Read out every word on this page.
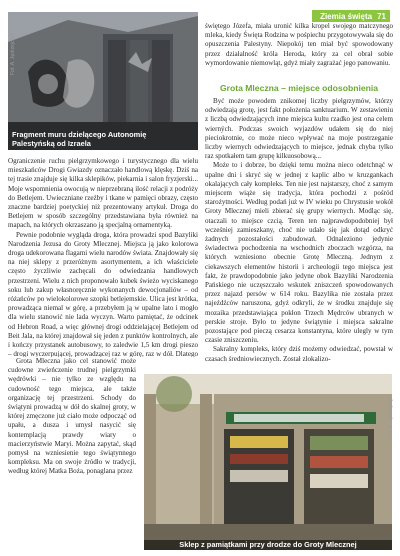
Ziemia święta 71
Fragment muru dzielącego Autonomię
Palestyńską od Izraela
Fot. A. Jędrzejczyk

Ograniczenie ruchu pielgrzymkowego i turystycznego dla wielu mieszkańców Drogi Gwiazdy oznaczało handlową klęskę. Dziś na tej trasie znajduje się kilka sklepików, piekarnia i salon fryzjerski... Moje wspomnienia owocują w nieprzebraną ilość relacji z podróży do Betlejem. Uwieczniane rzeźby i tkane w pamięci obrazy, często znaczne bardziej poetyckiej niż prezentowany artykuł. Droga do Betlejem w sposób szczególny przedstawiana była również na mapach, na których okrzaszano ją specjalną ornamentyką.

Pewnie podobnie wygląda droga, która prowadzi spod Bazyliki Narodzenia Jezusa do Groty Mlecznej. Miejsca ją jako kolorowa droga udekorowana flagami wielu narodów świata. Znajdowały się na niej sklepy z przeróżnym asortymentem, a ich właściciele często życzliwie zachęcali do odwiedzania handlowych przestrzeni. Wielu z nich proponowało kubek świeżo wyciskanego soku lub zakup własnoręcznie wykonanych dewocjonaliów – od różańców po wielokolorowe szopki betlejemskie. Ulica jest krótka, prowadząca niemal w górę, a przebyłem ją w upalne lato i mogło dla wielu stanowić nie lada wyczyn. Warto pamiętać, że odcinek od Hebron Road, a więc głównej drogi oddzielającej Betlejem od Beit Jala, na której znajdował się jeden z punktów kontrolnych, ale i kończy przystanek autobusowy, to zaledwie 1,5 km drogi pieszo – drogi wyczerpującej, prowadzącej raz w górę, raz w dół. Dlatego

Grota Mleczna jako cel stanowić może cudowne zwieńczenie trudnej pielgrzymki wędrówki – nie tylko ze względu na cudowność tego miejsca, ale także organizację tej przestrzeni. Schody do świątyni prowadzą w dół do skalnej groty, w której zmęczone już ciało może odpocząć od upału, a dusza i umysł nasycić się kontemplacją prawdy wiary o macierzyństwie Maryi. Można zapytać, skąd pomysł na wzniesienie tego świątynnego kompleksu. Ma on swoje źródło w tradycji, według której Matka Boża, ponaglana przez

świętego Józefa, miała uronić kilka kropel swojego matczynego mleka, kiedy Święta Rodzina w pośpiechu przygotowywała się do opuszczenia Palestyny. Niepokój ten miał być spowodowany przez działalność króla Heroda, który za cel obrał sobie wymordowanie niemowląt, gdyż miały zagrażać jego panowaniu.

Grota Mleczna – miejsce odosobnienia

Być może powodem znikomej liczby pielgrzymów, którzy odwiedzają grotę, jest fakt położenia sanktuarium. W zestawieniu z liczbą odwiedzających inne miejsca kultu rzadko jest ona celem wierných. Podczas swoich wyjazdów udałem się do niej pieciokrotnie, co może nieco wpływać na moje postrzeganie liczby wiernych odwiedzających to miejsce, jednak chyba tylko raz spotkałem tam grupę kilkuosobową...

Może to i dobrze, bo dzięki temu można nieco odetchnąć w upalne dni i skryć się w jednej z kaplic albo w kruzgankach okalających cały kompleks. Ten nie jest najstarszy, choć z samym miejscem wiąże się tradycja, która pochodzi z pośród starożytności. Według podań już w IV wieku po Chrystusie wokół Groty Mlecznej mieli zbierać się grupy wiernych. Modląc się, otaczali to miejsce czcią. Teren ten najprawdopodobniej był wcześniej zamieszkany, choć nie udało się jak dotąd odkryć żadnych pozostałości zabudowań. Odnaleziono jedynie świadectwa pochodzenia na wschodnich zboczach wzgórza, na których wzniesiono obecnie Grotę Mleczną. Jednym z ciekawszych elementów historii i archeologii tego miejsca jest fakt, że prawdopodobnie jako jedyne obok Bazyliki Narodzenia Pańskiego nie uczęszczało wskutek zniszczeń spowodowanych przez najazd persów w 614 roku. Bazylika nie została przez najeźdźców naruszona, gdyż odkryli, że w środku znajduje się mozaika przedstawiająca pokłon Trzech Mędrców ubranych w perskie stroje. Było to jedyne świątynie i miejsca sakralne pozostające pod pieczą cesarza konstantyna, które ulegly w tym czasie zniszczeniu.

Sakralny kompleks, który dziś możemy odwiedzać, powstał w czasach średniowiecznych. Został zlokalizo-

Sklep z pamiątkami przy drodze do Groty Mlecznej
Fot. A. Jędrzejczyk
